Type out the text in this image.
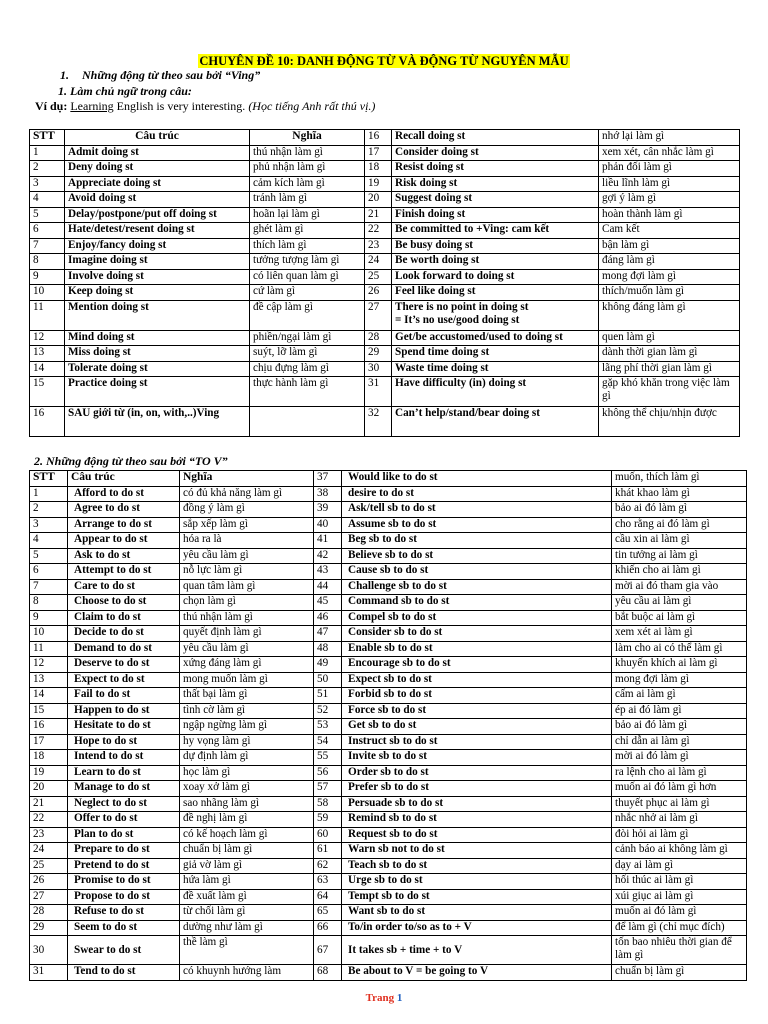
CHUYÊN ĐỀ 10: DANH ĐỘNG TỪ VÀ ĐỘNG TỪ NGUYÊN MẪU
1. Những động từ theo sau bởi “Ving”
1. Làm chủ ngữ trong câu:
Ví dụ: Learning English is very interesting. (Học tiếng Anh rất thú vị.)
STT	Câu trúc	Nghĩa	16	Recall doing st	nhớ lại làm gì
1	Admit doing st	thú nhận làm gì	17	Consider doing st	xem xét, cân nhắc làm gì
2	Deny doing st	phủ nhận làm gì	18	Resist doing st	phản đối làm gì
3	Appreciate doing st	cảm kích làm gì	19	Risk doing st	liều lĩnh làm gì
4	Avoid doing st	tránh làm gì	20	Suggest doing st	gợi ý làm gì
5	Delay/postpone/put off doing st	hoãn lại làm gì	21	Finish doing st	hoàn thành làm gì
6	Hate/detest/resent doing st	ghét làm gì	22	Be committed to +Ving: cam kết	Cam kết
7	Enjoy/fancy doing st	thích làm gì	23	Be busy doing st	bận làm gì
8	Imagine doing st	tưởng tượng làm gì	24	Be worth doing st	đáng làm gì
9	Involve doing st	có liên quan làm gì	25	Look forward to doing st	mong đợi làm gì
10	Keep doing st	cứ làm gì	26	Feel like doing st	thích/muốn làm gì
11	Mention doing st	đề cập làm gì	27	There is no point in doing st
= It’s no use/good doing st	không đáng làm gì
12	Mind doing st	phiền/ngại làm gì	28	Get/be accustomed/used to doing st	quen làm gì
13	Miss doing st	suýt, lỡ làm gì	29	Spend time doing st	dành thời gian làm gì
14	Tolerate doing st	chịu đựng làm gì	30	Waste time doing st	lãng phí thời gian làm gì
15	Practice doing st	thực hành làm gì	31	Have difficulty (in) doing st	gặp khó khăn trong việc làm gì
16	SAU giới từ (in, on, with,..)Ving		32	Can’t help/stand/bear doing st	không thể chịu/nhịn được
2. Những động từ theo sau bởi “TO V”
STT	Câu trúc	Nghĩa	37	Would like to do st	muốn, thích làm gì
1	Afford to do st	có đủ khả năng làm gì	38	desire to do st	khát khao làm gì
2	Agree to do st	đồng ý làm gì	39	Ask/tell sb to do st	bảo ai đó làm gì
3	Arrange to do st	sắp xếp làm gì	40	Assume sb to do st	cho rằng ai đó làm gì
4	Appear to do st	hóa ra là	41	Beg sb to do st	cầu xin ai làm gì
5	Ask to do st	yêu cầu làm gì	42	Believe sb to do st	tin tưởng ai làm gì
6	Attempt to do st	nỗ lực làm gì	43	Cause sb to do st	khiến cho ai làm gì
7	Care to do st	quan tâm làm gì	44	Challenge sb to do st	mời ai đó tham gia vào
8	Choose to do st	chọn làm gì	45	Command sb to do st	yêu cầu ai làm gì
9	Claim to do st	thú nhận làm gì	46	Compel sb to do st	bắt buộc ai làm gì
10	Decide to do st	quyết định làm gì	47	Consider sb to do st	xem xét ai làm gì
11	Demand to do st	yêu cầu làm gì	48	Enable sb to do st	làm cho ai có thể làm gì
12	Deserve to do st	xứng đáng làm gì	49	Encourage sb to do st	khuyến khích ai làm gì
13	Expect to do st	mong muốn làm gì	50	Expect sb to do st	mong đợi làm gì
14	Fail to do st	thất bại làm gì	51	Forbid sb to do st	cấm ai làm gì
15	Happen to do st	tình cờ làm gì	52	Force sb to do st	ép ai đó làm gì
16	Hesitate to do st	ngập ngừng làm gì	53	Get sb to do st	bảo ai đó làm gì
17	Hope to do st	hy vọng làm gì	54	Instruct sb to do st	chỉ dẫn ai làm gì
18	Intend to do st	dự định làm gì	55	Invite sb to do st	mời ai đó làm gì
19	Learn to do st	học làm gì	56	Order sb to do st	ra lệnh cho ai làm gì
20	Manage to do st	xoay xở làm gì	57	Prefer sb to do st	muốn ai đó làm gì hơn
21	Neglect to do st	sao nhãng làm gì	58	Persuade sb to do st	thuyết phục ai làm gì
22	Offer to do st	đề nghị làm gì	59	Remind sb to do st	nhắc nhở ai làm gì
23	Plan to do st	có kế hoạch làm gì	60	Request sb to do st	đòi hỏi ai làm gì
24	Prepare to do st	chuẩn bị làm gì	61	Warn sb not to do st	cảnh báo ai không làm gì
25	Pretend to do st	giả vờ làm gì	62	Teach sb to do st	dạy ai làm gì
26	Promise to do st	hứa làm gì	63	Urge sb to do st	hối thúc ai làm gì
27	Propose to do st	đề xuất làm gì	64	Tempt sb to do st	xúi giục ai làm gì
28	Refuse to do st	từ chối làm gì	65	Want sb to do st	muốn ai đó làm gì
29	Seem to do st	dường như làm gì	66	To/in order to/so as to + V	để làm gì (chỉ mục đích)
30	Swear to do st	thề làm gì	67	It takes sb + time + to V	tốn bao nhiêu thời gian để làm gì
31	Tend to do st	có khuynh hướng làm	68	Be about to V = be going to V	chuẩn bị làm gì
Trang 1
